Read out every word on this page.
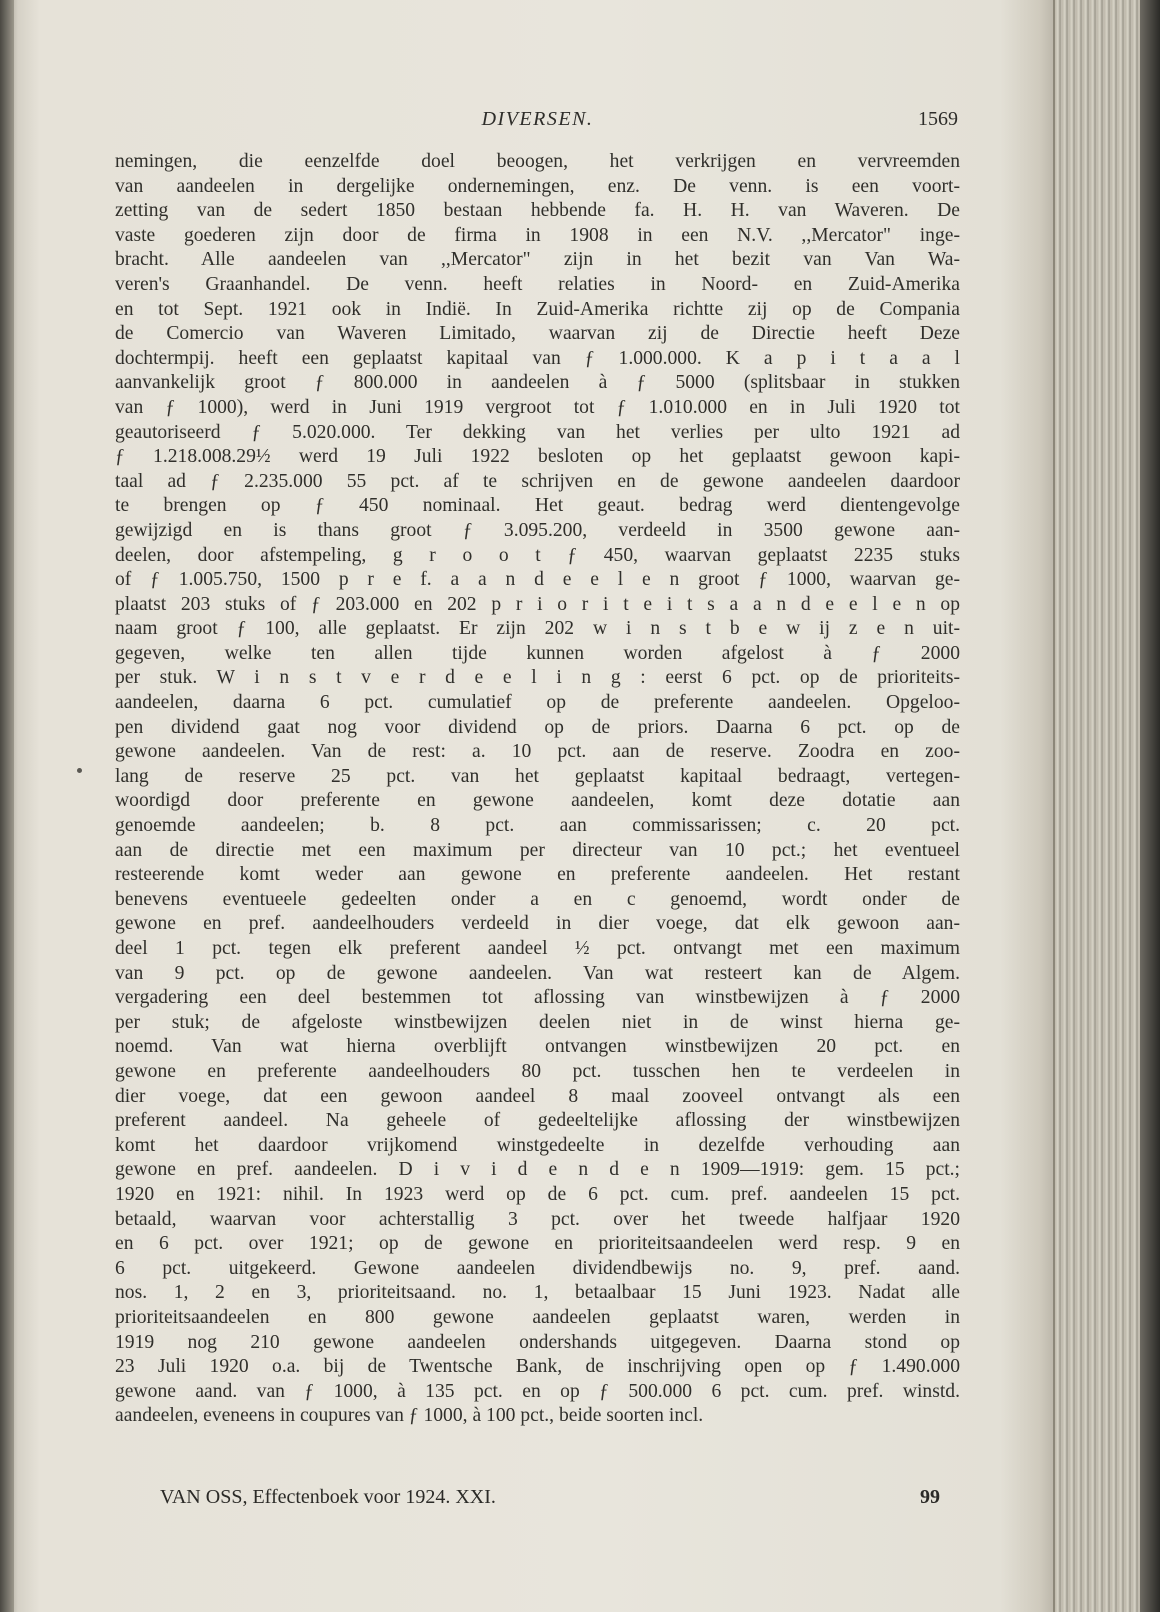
DIVERSEN.	1569
nemingen, die eenzelfde doel beoogen, het verkrijgen en vervreemden
van aandeelen in dergelijke ondernemingen, enz. De venn. is een voort-
zetting van de sedert 1850 bestaan hebbende fa. H. H. van Waveren. De
vaste goederen zijn door de firma in 1908 in een N.V. ,,Mercator" inge-
bracht. Alle aandeelen van ,,Mercator" zijn in het bezit van Van Wa-
veren's Graanhandel. De venn. heeft relaties in Noord- en Zuid-Amerika
en tot Sept. 1921 ook in Indië. In Zuid-Amerika richtte zij op de Compania
de Comercio van Waveren Limitado, waarvan zij de Directie heeft Deze
dochtermpij. heeft een geplaatst kapitaal van ƒ 1.000.000. K a p i t a a l
aanvankelijk groot ƒ 800.000 in aandeelen à ƒ 5000 (splitsbaar in stukken
van ƒ 1000), werd in Juni 1919 vergroot tot ƒ 1.010.000 en in Juli 1920 tot
geautoriseerd ƒ 5.020.000. Ter dekking van het verlies per ulto 1921 ad
ƒ 1.218.008.29½ werd 19 Juli 1922 besloten op het geplaatst gewoon kapi-
taal ad ƒ 2.235.000 55 pct. af te schrijven en de gewone aandeelen daardoor
te brengen op ƒ 450 nominaal. Het geaut. bedrag werd dientengevolge
gewijzigd en is thans groot ƒ 3.095.200, verdeeld in 3500 gewone aan-
deelen, door afstempeling, g r o o t ƒ 450, waarvan geplaatst 2235 stuks
of ƒ 1.005.750, 1500 p r e f. a a n d e e l e n groot ƒ 1000, waarvan ge-
plaatst 203 stuks of ƒ 203.000 en 202 p r i o r i t e i t s a a n d e e l e n op
naam groot ƒ 100, alle geplaatst. Er zijn 202 w i n s t b e w ij z e n uit-
gegeven, welke ten allen tijde kunnen worden afgelost à ƒ 2000
per stuk. W i n s t v e r d e e l i n g : eerst 6 pct. op de prioriteits-
aandeelen, daarna 6 pct. cumulatief op de preferente aandeelen. Opgeloo-
pen dividend gaat nog voor dividend op de priors. Daarna 6 pct. op de
gewone aandeelen. Van de rest: a. 10 pct. aan de reserve. Zoodra en zoo-
lang de reserve 25 pct. van het geplaatst kapitaal bedraagt, vertegen-
woordigd door preferente en gewone aandeelen, komt deze dotatie aan
genoemde aandeelen; b. 8 pct. aan commissarissen; c. 20 pct.
aan de directie met een maximum per directeur van 10 pct.; het eventueel
resteerende komt weder aan gewone en preferente aandeelen. Het restant
benevens eventueele gedeelten onder a en c genoemd, wordt onder de
gewone en pref. aandeelhouders verdeeld in dier voege, dat elk gewoon aan-
deel 1 pct. tegen elk preferent aandeel ½ pct. ontvangt met een maximum
van 9 pct. op de gewone aandeelen. Van wat resteert kan de Algem.
vergadering een deel bestemmen tot aflossing van winstbewijzen à ƒ 2000
per stuk; de afgeloste winstbewijzen deelen niet in de winst hierna ge-
noemd. Van wat hierna overblijft ontvangen winstbewijzen 20 pct. en
gewone en preferente aandeelhouders 80 pct. tusschen hen te verdeelen in
dier voege, dat een gewoon aandeel 8 maal zooveel ontvangt als een
preferent aandeel. Na geheele of gedeeltelijke aflossing der winstbewijzen
komt het daardoor vrijkomend winstgedeelte in dezelfde verhouding aan
gewone en pref. aandeelen. D i v i d e n d e n 1909—1919: gem. 15 pct.;
1920 en 1921: nihil. In 1923 werd op de 6 pct. cum. pref. aandeelen 15 pct.
betaald, waarvan voor achterstallig 3 pct. over het tweede halfjaar 1920
en 6 pct. over 1921; op de gewone en prioriteitsaandeelen werd resp. 9 en
6 pct. uitgekeerd. Gewone aandeelen dividendbewijs no. 9, pref. aand.
nos. 1, 2 en 3, prioriteitsaand. no. 1, betaalbaar 15 Juni 1923. Nadat alle
prioriteitsaandeelen en 800 gewone aandeelen geplaatst waren, werden in
1919 nog 210 gewone aandeelen ondershands uitgegeven. Daarna stond op
23 Juli 1920 o.a. bij de Twentsche Bank, de inschrijving open op ƒ 1.490.000
gewone aand. van ƒ 1000, à 135 pct. en op ƒ 500.000 6 pct. cum. pref. winstd.
aandeelen, eveneens in coupures van ƒ 1000, à 100 pct., beide soorten incl.
VAN OSS, Effectenboek voor 1924. XXI.	99
